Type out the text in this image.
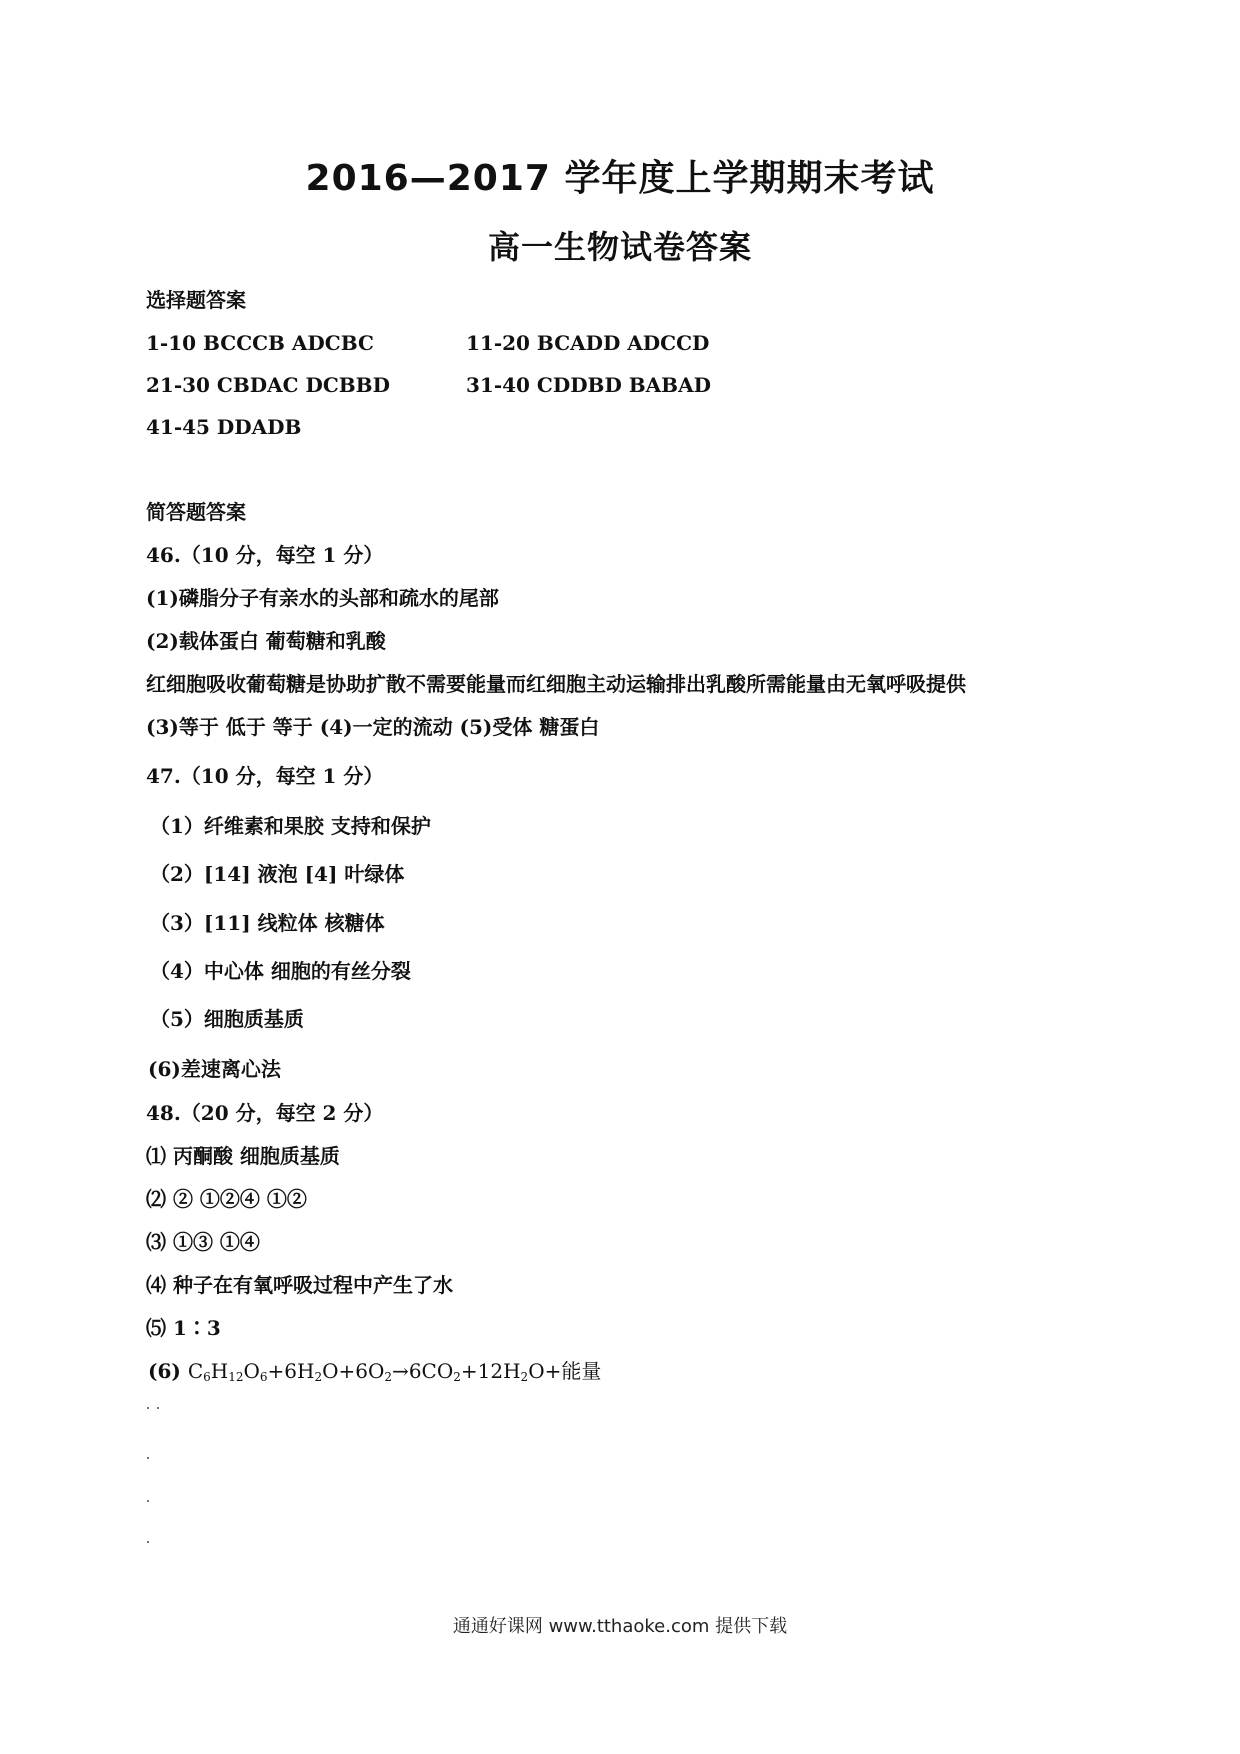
2016—2017 学年度上学期期末考试
高一生物试卷答案
选择题答案
1-10 BCCCB ADCBC	11-20 BCADD ADCCD
21-30 CBDAC DCBBD	31-40 CDDBD BABAD
41-45 DDADB
简答题答案
46.（10 分，每空 1 分）
(1)磷脂分子有亲水的头部和疏水的尾部
(2)载体蛋白 葡萄糖和乳酸
红细胞吸收葡萄糖是协助扩散不需要能量而红细胞主动运输排出乳酸所需能量由无氧呼吸提供
(3)等于 低于 等于 (4)一定的流动 (5)受体 糖蛋白
47.（10 分，每空 1 分）
（1）纤维素和果胶 支持和保护
（2）[14] 液泡 [4] 叶绿体
（3）[11] 线粒体 核糖体
（4）中心体 细胞的有丝分裂
（5）细胞质基质
(6)差速离心法
48.（20 分，每空 2 分）
⑴ 丙酮酸 细胞质基质
⑵ ② ①②④ ①②
⑶ ①③ ①④
⑷ 种子在有氧呼吸过程中产生了水
⑸ 1∶3
(6) $C_6H_{12}O_6+6H_2O+6O_2\to 6CO_2+12H_2O+$能量
通通好课网 www.tthaoke.com 提供下载
